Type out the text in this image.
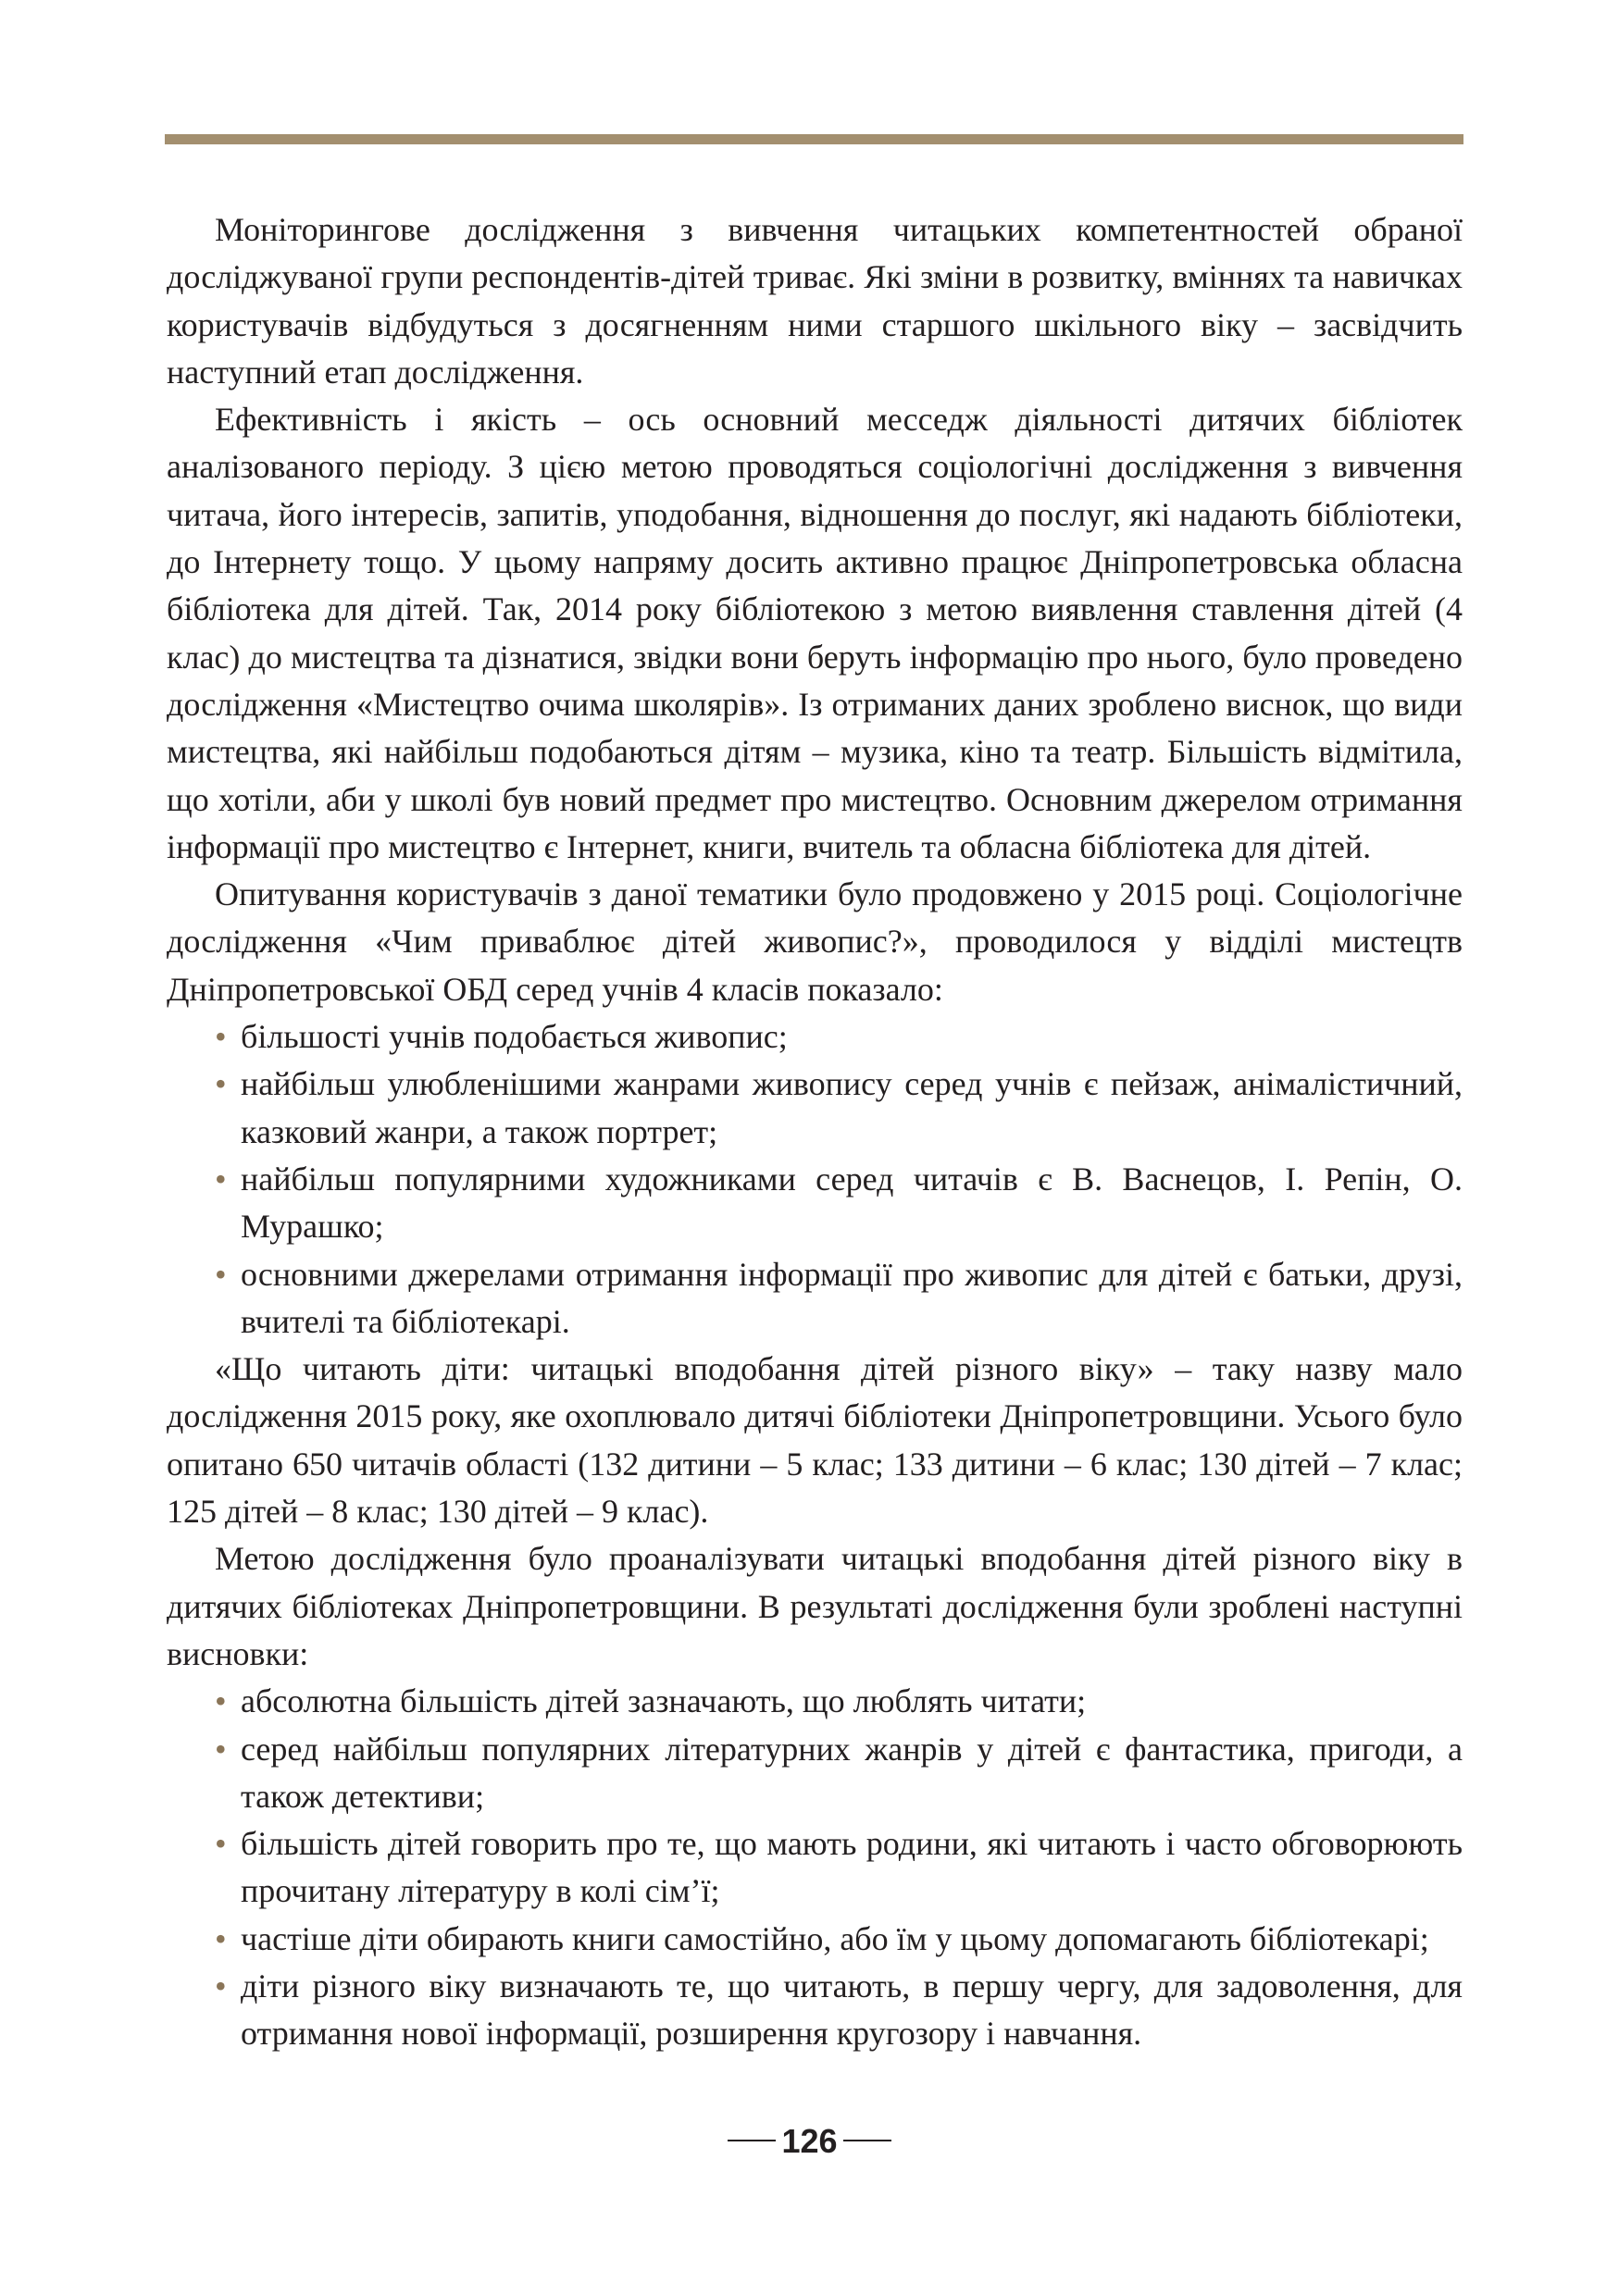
Моніторингове дослідження з вивчення читацьких компетентностей обраної досліджуваної групи респондентів-дітей триває. Які зміни в розвитку, вміннях та навичках користувачів відбудуться з досягненням ними старшого шкільного віку – засвідчить наступний етап дослідження.

Ефективність і якість – ось основний месседж діяльності дитячих бібліотек аналізованого періоду. З цією метою проводяться соціологічні дослідження з вивчення читача, його інтересів, запитів, уподобання, відношення до послуг, які надають бібліотеки, до Інтернету тощо. У цьому напряму досить активно працює Дніпропетровська обласна бібліотека для дітей. Так, 2014 року бібліотекою з метою виявлення ставлення дітей (4 клас) до мистецтва та дізнатися, звідки вони беруть інформацію про нього, було проведено дослідження «Мистецтво очима школярів». Із отриманих даних зроблено виснок, що види мистецтва, які найбільш подобаються дітям – музика, кіно та театр. Більшість відмітила, що хотіли, аби у школі був новий предмет про мистецтво. Основним джерелом отримання інформації про мистецтво є Інтернет, книги, вчитель та обласна бібліотека для дітей.

Опитування користувачів з даної тематики було продовжено у 2015 році. Соціологічне дослідження «Чим приваблює дітей живопис?», проводилося у відділі мистецтв Дніпропетровської ОБД серед учнів 4 класів показало:

• більшості учнів подобається живопис;
• найбільш улюбленішими жанрами живопису серед учнів є пейзаж, анімалістичний, казковий жанри, а також портрет;
• найбільш популярними художниками серед читачів є В. Васнецов, І. Репін, О. Мурашко;
• основними джерелами отримання інформації про живопис для дітей є батьки, друзі, вчителі та бібліотекарі.

«Що читають діти: читацькі вподобання дітей різного віку» – таку назву мало дослідження 2015 року, яке охоплювало дитячі бібліотеки Дніпропетровщини. Усього було опитано 650 читачів області (132 дитини – 5 клас; 133 дитини – 6 клас; 130 дітей – 7 клас; 125 дітей – 8 клас; 130 дітей – 9 клас).

Метою дослідження було проаналізувати читацькі вподобання дітей різного віку в дитячих бібліотеках Дніпропетровщини. В результаті дослідження були зроблені наступні висновки:

• абсолютна більшість дітей зазначають, що люблять читати;
• серед найбільш популярних літературних жанрів у дітей є фантастика, пригоди, а також детективи;
• більшість дітей говорить про те, що мають родини, які читають і часто обговорюють прочитану літературу в колі сім’ї;
• частіше діти обирають книги самостійно, або їм у цьому допомагають бібліотекарі;
• діти різного віку визначають те, що читають, в першу чергу, для задоволення, для отримання нової інформації, розширення кругозору і навчання.
126
